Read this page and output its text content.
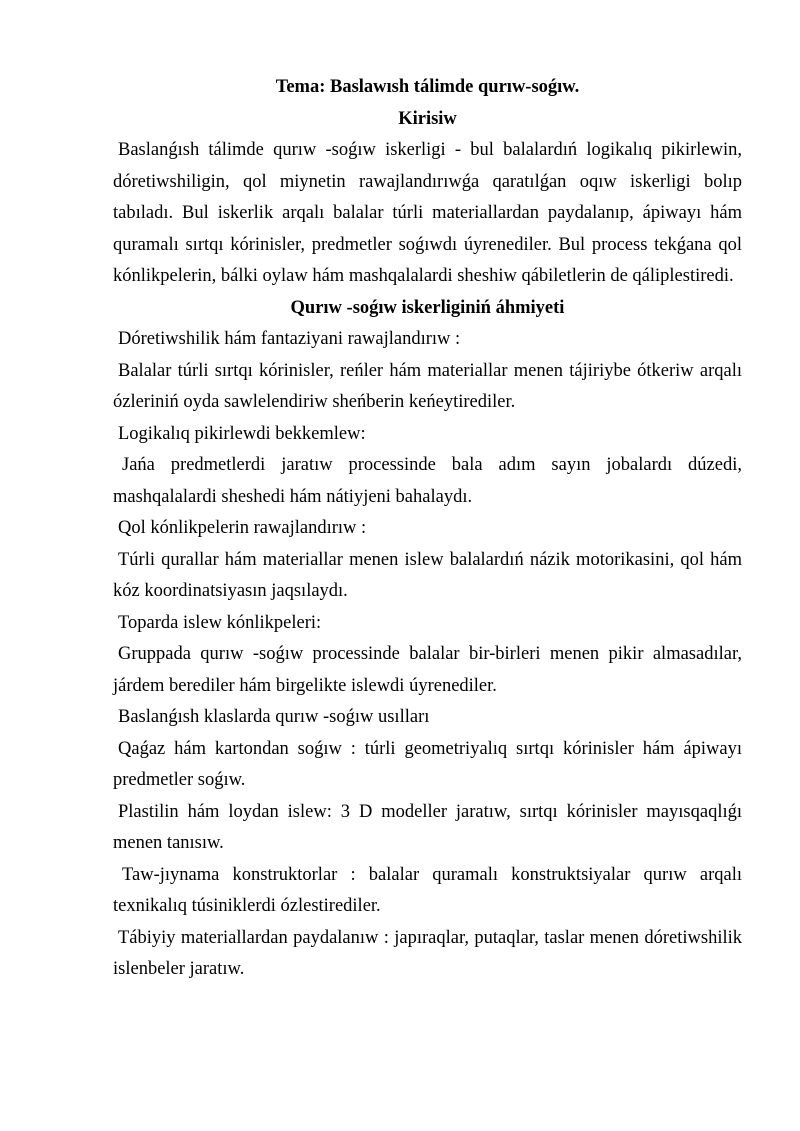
Tema: Baslawısh tálimde qurıw-soǵıw.

Kirisiw

Baslanǵısh tálimde qurıw -soǵıw iskerligi - bul balalardıń logikalıq pikirlewin, dóretiwshiligin, qol miynetin rawajlandırıwǵa qaratılǵan oqıw iskerligi bolıp tabıladı. Bul iskerlik arqalı balalar túrli materiallardan paydalanıp, ápiwayı hám quramalı sırtqı kórinisler, predmetler soǵıwdı úyrenediler. Bul process tekǵana qol kónlikpelerin, bálki oylaw hám mashqalalardi sheshiw qábiletlerin de qáliplestiredi.

Qurıw -soǵıw iskerliginiń áhmiyeti

Dóretiwshilik hám fantaziyani rawajlandırıw :

Balalar túrli sırtqı kórinisler, reńler hám materiallar menen tájiriybe ótkeriw arqalı ózleriniń oyda sawlelendiriw sheńberin keńeytirediler.

Logikalıq pikirlewdi bekkemlew:

Jańa predmetlerdi jaratıw processinde bala adım sayın jobalardı dúzedi, mashqalalardi sheshedi hám nátiyjeni bahalaydı.

Qol kónlikpelerin rawajlandırıw :

Túrli qurallar hám materiallar menen islew balalardıń názik motorikasini, qol hám kóz koordinatsiyasın jaqsılaydı.

Toparda islew kónlikpeleri:

Gruppada qurıw -soǵıw processinde balalar bir-birleri menen pikir almasadılar, járdem berediler hám birgelikte islewdi úyrenediler.

Baslanǵısh klaslarda qurıw -soǵıw usılları

Qaǵaz hám kartondan soǵıw : túrli geometriyalıq sırtqı kórinisler hám ápiwayı predmetler soǵıw.

Plastilin hám loydan islew: 3 D modeller jaratıw, sırtqı kórinisler mayısqaqlıǵı menen tanısıw.

Taw-jıynama konstruktorlar : balalar quramalı konstruktsiyalar qurıw arqalı texnikalıq túsiniklerdi ózlestirediler.

Tábiyiy materiallardan paydalanıw : japıraqlar, putaqlar, taslar menen dóretiwshilik islenbeler jaratıw.
